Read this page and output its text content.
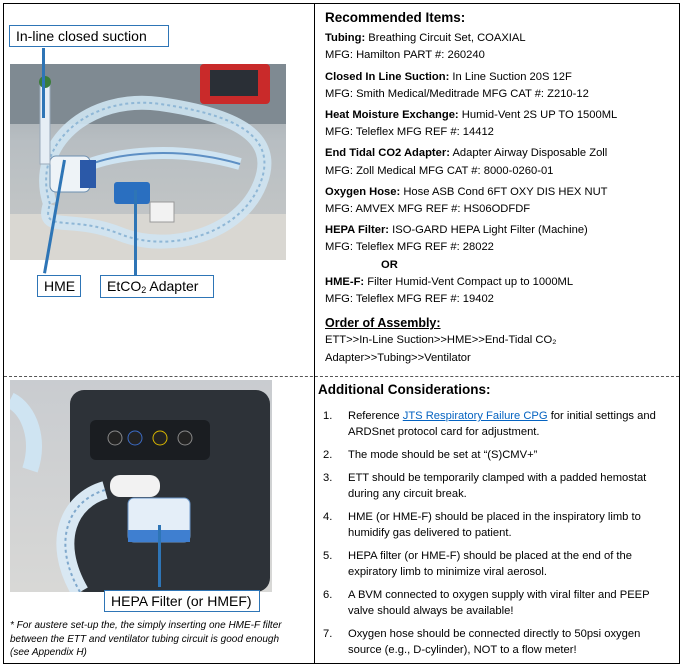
In-line closed suction
HME	EtCO2 Adapter
HEPA Filter (or HMEF)
* For austere set-up the, the simply inserting one HME-F filter between the ETT and ventilator tubing circuit is good enough (see Appendix H)
Recommended Items:
Tubing: Breathing Circuit Set, COAXIAL
MFG: Hamilton PART #: 260240
Closed In Line Suction: In Line Suction 20S 12F
MFG: Smith Medical/Meditrade MFG CAT #: Z210-12
Heat Moisture Exchange: Humid-Vent 2S UP TO 1500ML
MFG: Teleflex MFG REF #: 14412
End Tidal CO2 Adapter: Adapter Airway Disposable Zoll
MFG: Zoll Medical MFG CAT #: 8000-0260-01
Oxygen Hose: Hose ASB Cond 6FT OXY DIS HEX NUT
MFG: AMVEX MFG REF #: HS06ODFDF
HEPA Filter: ISO-GARD HEPA Light Filter (Machine)
MFG: Teleflex MFG REF #: 28022
OR
HME-F: Filter Humid-Vent Compact up to 1000ML
MFG: Teleflex MFG REF #: 19402
Order of Assembly:
ETT>>In-Line Suction>>HME>>End-Tidal CO₂ Adapter>>Tubing>>Ventilator
Additional Considerations:
1.	Reference JTS Respiratory Failure CPG for initial settings and ARDSnet protocol card for adjustment.
2.	The mode should be set at “(S)CMV+”
3.	ETT should be temporarily clamped with a padded hemostat during any circuit break.
4.	HME (or HME-F) should be placed in the inspiratory limb to humidify gas delivered to patient.
5.	HEPA filter (or HME-F) should be placed at the end of the expiratory limb to minimize viral aerosol.
6.	A BVM connected to oxygen supply with viral filter and PEEP valve should always be available!
7.	Oxygen hose should be connected directly to 50psi oxygen source (e.g., D-cylinder), NOT to a flow meter!
